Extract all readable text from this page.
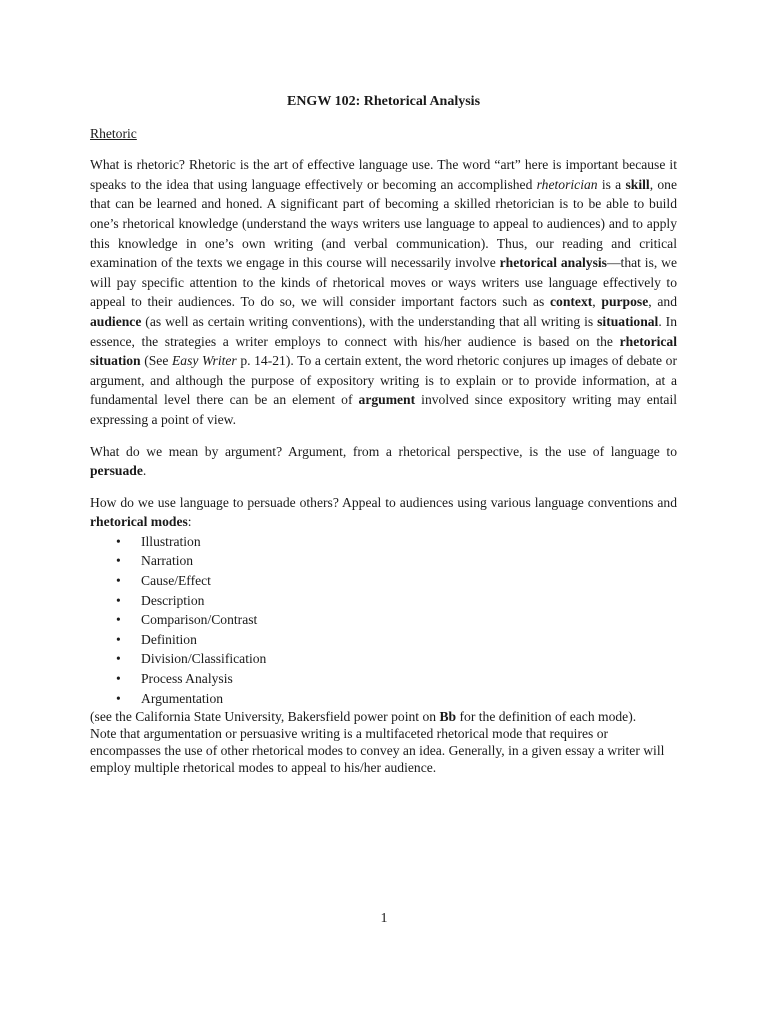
ENGW 102: Rhetorical Analysis
Rhetoric

What is rhetoric? Rhetoric is the art of effective language use. The word “art” here is important because it speaks to the idea that using language effectively or becoming an accomplished rhetorician is a skill, one that can be learned and honed. A significant part of becoming a skilled rhetorician is to be able to build one’s rhetorical knowledge (understand the ways writers use language to appeal to audiences) and to apply this knowledge in one’s own writing (and verbal communication). Thus, our reading and critical examination of the texts we engage in this course will necessarily involve rhetorical analysis—that is, we will pay specific attention to the kinds of rhetorical moves or ways writers use language effectively to appeal to their audiences. To do so, we will consider important factors such as context, purpose, and audience (as well as certain writing conventions), with the understanding that all writing is situational. In essence, the strategies a writer employs to connect with his/her audience is based on the rhetorical situation (See Easy Writer p. 14-21). To a certain extent, the word rhetoric conjures up images of debate or argument, and although the purpose of expository writing is to explain or to provide information, at a fundamental level there can be an element of argument involved since expository writing may entail expressing a point of view.

What do we mean by argument? Argument, from a rhetorical perspective, is the use of language to persuade.

How do we use language to persuade others? Appeal to audiences using various language conventions and rhetorical modes:

• Illustration
• Narration
• Cause/Effect
• Description
• Comparison/Contrast
• Definition
• Division/Classification
• Process Analysis
• Argumentation

(see the California State University, Bakersfield power point on Bb for the definition of each mode).

Note that argumentation or persuasive writing is a multifaceted rhetorical mode that requires or encompasses the use of other rhetorical modes to convey an idea. Generally, in a given essay a writer will employ multiple rhetorical modes to appeal to his/her audience.

1
